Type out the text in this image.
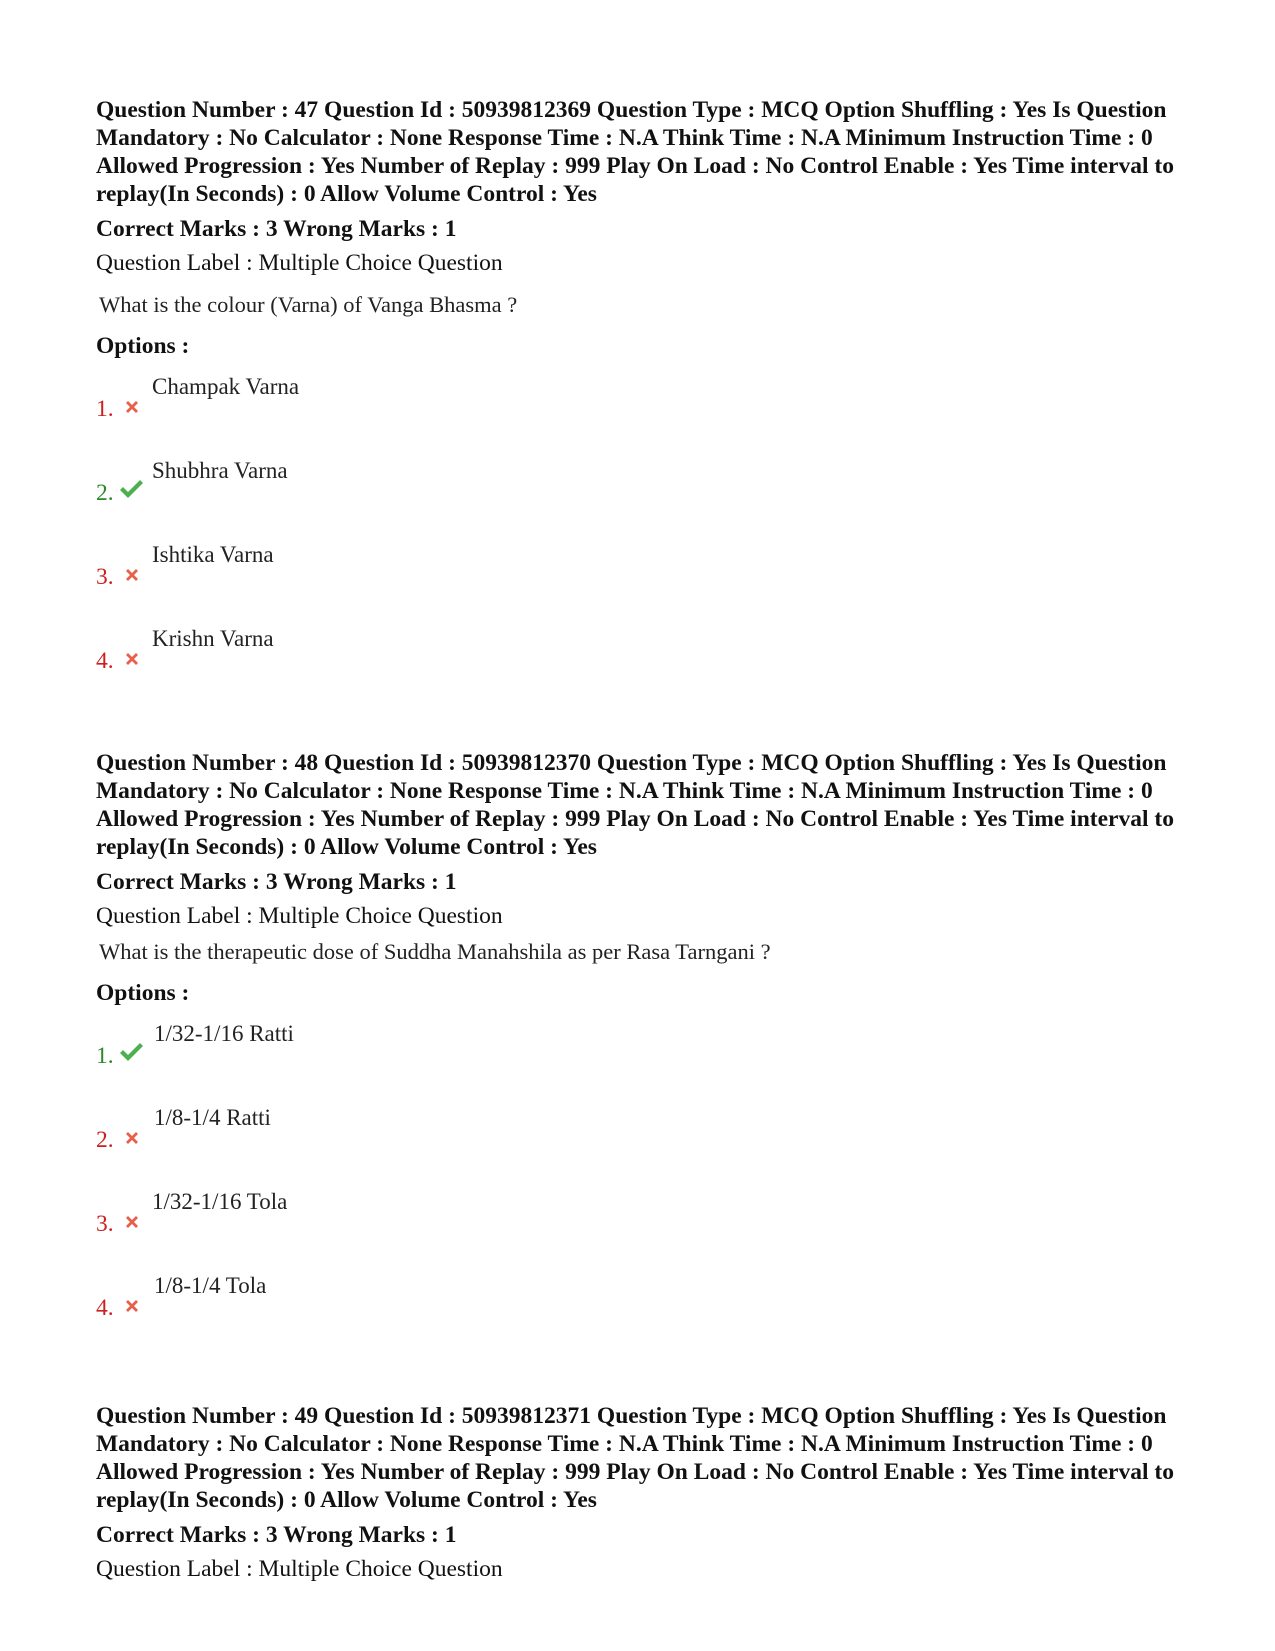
Question Number : 47 Question Id : 50939812369 Question Type : MCQ Option Shuffling : Yes Is Question Mandatory : No Calculator : None Response Time : N.A Think Time : N.A Minimum Instruction Time : 0 Allowed Progression : Yes Number of Replay : 999 Play On Load : No Control Enable : Yes Time interval to replay(In Seconds) : 0 Allow Volume Control : Yes

Correct Marks : 3 Wrong Marks : 1
Question Label : Multiple Choice Question
What is the colour (Varna) of Vanga Bhasma ?
Options :
1.
Champak Varna
2.
Shubhra Varna
3.
Ishtika Varna
4.
Krishn Varna

Question Number : 48 Question Id : 50939812370 Question Type : MCQ Option Shuffling : Yes Is Question Mandatory : No Calculator : None Response Time : N.A Think Time : N.A Minimum Instruction Time : 0 Allowed Progression : Yes Number of Replay : 999 Play On Load : No Control Enable : Yes Time interval to replay(In Seconds) : 0 Allow Volume Control : Yes

Correct Marks : 3 Wrong Marks : 1
Question Label : Multiple Choice Question
What is the therapeutic dose of Suddha Manahshila as per Rasa Tarngani ?
Options :
1.
1/32-1/16 Ratti
2.
1/8-1/4 Ratti
3.
1/32-1/16 Tola
4.
1/8-1/4 Tola

Question Number : 49 Question Id : 50939812371 Question Type : MCQ Option Shuffling : Yes Is Question Mandatory : No Calculator : None Response Time : N.A Think Time : N.A Minimum Instruction Time : 0 Allowed Progression : Yes Number of Replay : 999 Play On Load : No Control Enable : Yes Time interval to replay(In Seconds) : 0 Allow Volume Control : Yes

Correct Marks : 3 Wrong Marks : 1
Question Label : Multiple Choice Question
